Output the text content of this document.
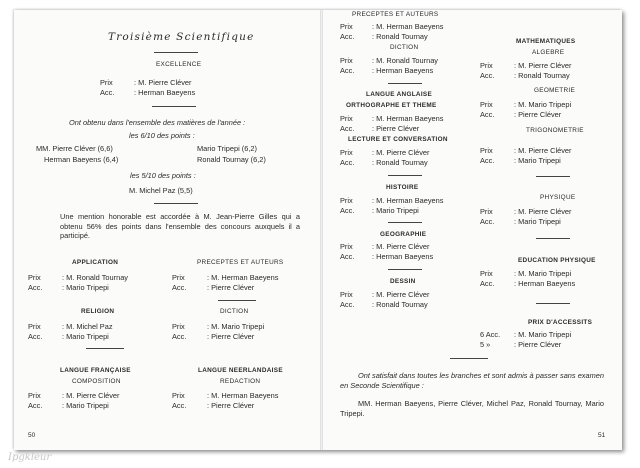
Troisième Scientifique
EXCELLENCE
Prix	: M. Pierre Cléver
Acc.	: Herman Baeyens
Ont obtenu dans l'ensemble des matières de l'année :
les 6/10 des points :
MM. Pierre Cléver (6,6)	Mario Tripepi (6,2)
Herman Baeyens (6,4)	Ronald Tournay (6,2)
les 5/10 des points :
M. Michel Paz (5,5)
Une mention honorable est accordée à M. Jean-Pierre Gilles qui a obtenu 56% des points dans l'ensemble des concours auxquels il a participé.
APPLICATION
Prix	: M. Ronald Tournay
Acc.	: Mario Tripepi
PRECEPTES ET AUTEURS
Prix	: M. Herman Baeyens
Acc.	: Pierre Cléver
RELIGION
Prix	: M. Michel Paz
Acc.	: Mario Tripepi
DICTION
Prix	: M. Mario Tripepi
Acc.	: Pierre Cléver
LANGUE FRANÇAISE
COMPOSITION
Prix	: M. Pierre Cléver
Acc.	: Mario Tripepi
LANGUE NEERLANDAISE
REDACTION
Prix	: M. Herman Baeyens
Acc.	: Pierre Cléver
50
PRECEPTES ET AUTEURS
Prix	: M. Herman Baeyens
Acc. : Ronald Tournay
DICTION
Prix	: M. Ronald Tournay
Acc. : Herman Baeyens
LANGUE ANGLAISE
ORTHOGRAPHE ET THEME
Prix	: M. Herman Baeyens
Acc. : Pierre Cléver
LECTURE ET CONVERSATION
Prix	: M. Pierre Cléver
Acc. : Ronald Tournay
HISTOIRE
Prix	: M. Herman Baeyens
Acc. : Mario Tripepi
GEOGRAPHIE
Prix	: M. Pierre Cléver
Acc. : Herman Baeyens
DESSIN
Prix	: M. Pierre Cléver
Acc. : Ronald Tournay
MATHEMATIQUES
ALGEBRE
Prix	: M. Pierre Cléver
Acc.	: Ronald Tournay
GEOMETRIE
Prix	: M. Mario Tripepi
Acc.	: Pierre Cléver
TRIGONOMETRIE
Prix	: M. Pierre Cléver
Acc.	: Mario Tripepi
PHYSIQUE
Prix	: M. Pierre Cléver
Acc.	: Mario Tripepi
EDUCATION PHYSIQUE
Prix	: M. Mario Tripepi
Acc.	: Herman Baeyens
PRIX D'ACCESSITS
6 Acc. : M. Mario Tripepi
5 »	: Pierre Cléver
Ont satisfait dans toutes les branches et sont admis à passer sans examen en Seconde Scientifique :
MM. Herman Baeyens, Pierre Cléver, Michel Paz, Ronald Tournay, Mario Tripepi.
51
Ipgkleur
